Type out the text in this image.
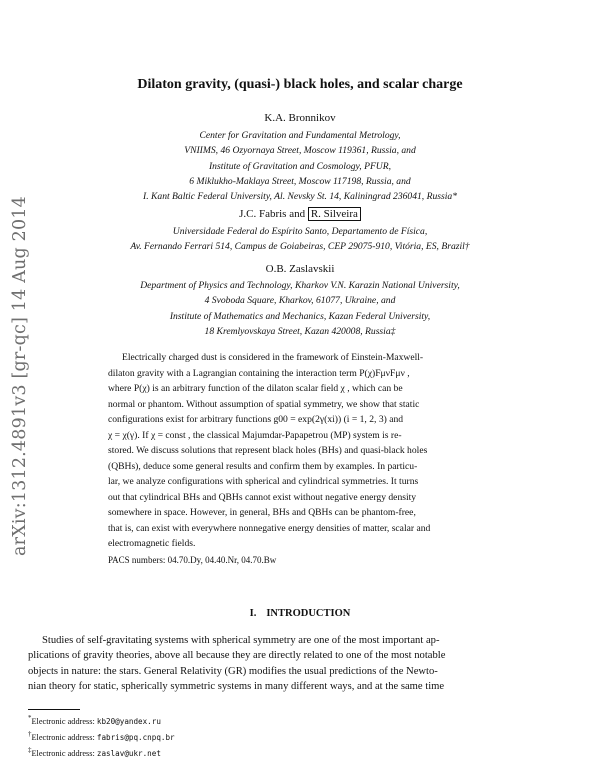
arXiv:1312.4891v3 [gr-qc] 14 Aug 2014
Dilaton gravity, (quasi-) black holes, and scalar charge
K.A. Bronnikov
Center for Gravitation and Fundamental Metrology,
VNIIMS, 46 Ozyornaya Street, Moscow 119361, Russia, and
Institute of Gravitation and Cosmology, PFUR,
6 Miklukho-Maklaya Street, Moscow 117198, Russia, and
I. Kant Baltic Federal University, Al. Nevsky St. 14, Kaliningrad 236041, Russia*
J.C. Fabris and R. Silveira
Universidade Federal do Espírito Santo, Departamento de Física,
Av. Fernando Ferrari 514, Campus de Goiabeiras, CEP 29075-910, Vitória, ES, Brazil†
O.B. Zaslavskii
Department of Physics and Technology, Kharkov V.N. Karazin National University,
4 Svoboda Square, Kharkov, 61077, Ukraine, and
Institute of Mathematics and Mechanics, Kazan Federal University,
18 Kremlyovskaya Street, Kazan 420008, Russia‡
Electrically charged dust is considered in the framework of Einstein-Maxwell-
dilaton gravity with a Lagrangian containing the interaction term P(χ)FμνFμν ,
where P(χ) is an arbitrary function of the dilaton scalar field χ , which can be
normal or phantom. Without assumption of spatial symmetry, we show that static
configurations exist for arbitrary functions g00 = exp(2γ(xi)) (i = 1, 2, 3) and
χ = χ(γ). If χ = const , the classical Majumdar-Papapetrou (MP) system is re-
stored. We discuss solutions that represent black holes (BHs) and quasi-black holes
(QBHs), deduce some general results and confirm them by examples. In particu-
lar, we analyze configurations with spherical and cylindrical symmetries. It turns
out that cylindrical BHs and QBHs cannot exist without negative energy density
somewhere in space. However, in general, BHs and QBHs can be phantom-free,
that is, can exist with everywhere nonnegative energy densities of matter, scalar and
electromagnetic fields.
PACS numbers: 04.70.Dy, 04.40.Nr, 04.70.Bw
I. INTRODUCTION
Studies of self-gravitating systems with spherical symmetry are one of the most important ap-
plications of gravity theories, above all because they are directly related to one of the most notable
objects in nature: the stars. General Relativity (GR) modifies the usual predictions of the Newto-
nian theory for static, spherically symmetric systems in many different ways, and at the same time
*Electronic address: kb20@yandex.ru
†Electronic address: fabris@pq.cnpq.br
‡Electronic address: zaslav@ukr.net
